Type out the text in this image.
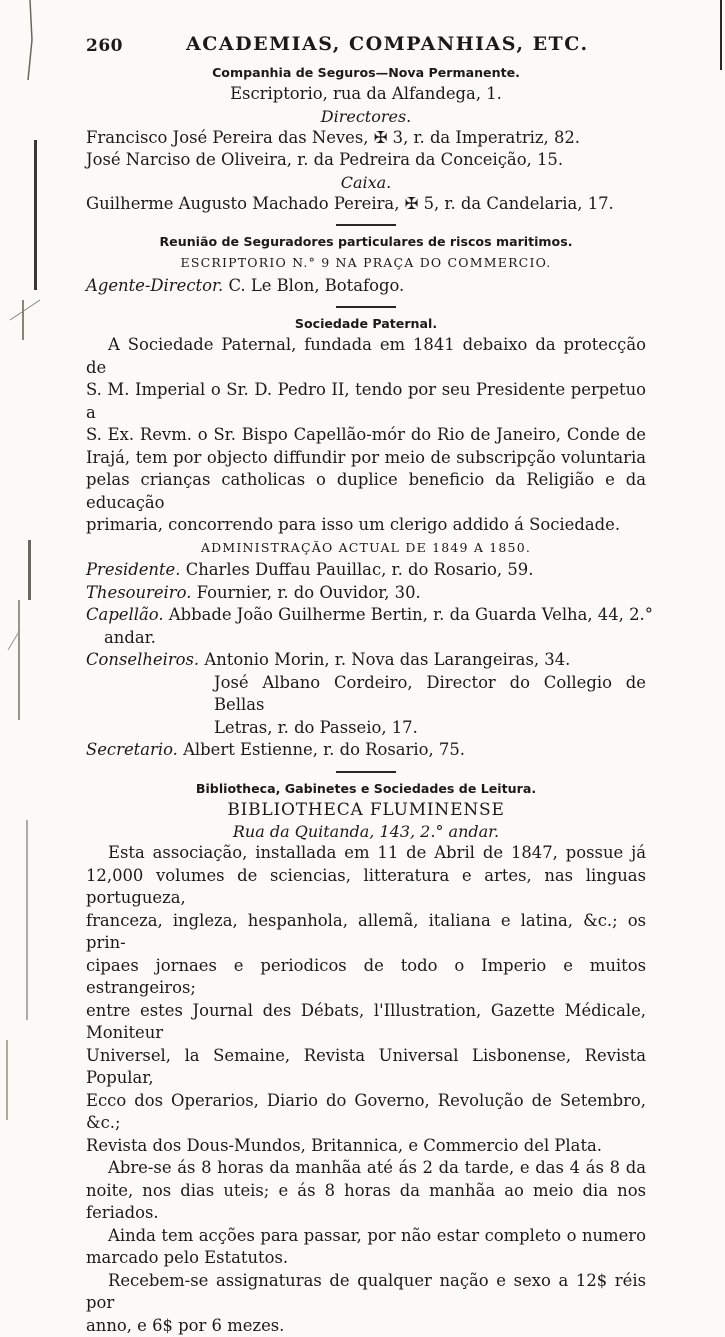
260	ACADEMIAS, COMPANHIAS, ETC.
Companhia de Seguros—Nova Permanente.
Escriptorio, rua da Alfandega, 1.
Directores.
Francisco José Pereira das Neves, ✠ 3, r. da Imperatriz, 82.
José Narciso de Oliveira, r. da Pedreira da Conceição, 15.
Caixa.
Guilherme Augusto Machado Pereira, ✠ 5, r. da Candelaria, 17.
Reunião de Seguradores particulares de riscos maritimos.
ESCRIPTORIO N.° 9 NA PRAÇA DO COMMERCIO.
Agente-Director. C. Le Blon, Botafogo.
Sociedade Paternal.
A Sociedade Paternal, fundada em 1841 debaixo da protecção de
S. M. Imperial o Sr. D. Pedro II, tendo por seu Presidente perpetuo a
S. Ex. Revm. o Sr. Bispo Capellão-mór do Rio de Janeiro, Conde de
Irajá, tem por objecto diffundir por meio de subscripção voluntaria
pelas crianças catholicas o duplice beneficio da Religião e da educação
primaria, concorrendo para isso um clerigo addido á Sociedade.
ADMINISTRAÇÃO ACTUAL DE 1849 A 1850.
Presidente. Charles Duffau Pauillac, r. do Rosario, 59.
Thesoureiro. Fournier, r. do Ouvidor, 30.
Capellão. Abbade João Guilherme Bertin, r. da Guarda Velha, 44, 2.°
andar.
Conselheiros. Antonio Morin, r. Nova das Larangeiras, 34.
José Albano Cordeiro, Director do Collegio de Bellas
Letras, r. do Passeio, 17.
Secretario. Albert Estienne, r. do Rosario, 75.
Bibliotheca, Gabinetes e Sociedades de Leitura.
BIBLIOTHECA FLUMINENSE
Rua da Quitanda, 143, 2.° andar.
Esta associação, installada em 11 de Abril de 1847, possue já
12,000 volumes de sciencias, litteratura e artes, nas linguas portugueza,
franceza, ingleza, hespanhola, allemã, italiana e latina, &c.; os prin-
cipaes jornaes e periodicos de todo o Imperio e muitos estrangeiros;
entre estes Journal des Débats, l'Illustration, Gazette Médicale, Moniteur
Universel, la Semaine, Revista Universal Lisbonense, Revista Popular,
Ecco dos Operarios, Diario do Governo, Revolução de Setembro, &c.;
Revista dos Dous-Mundos, Britannica, e Commercio del Plata.
Abre-se ás 8 horas da manhãa até ás 2 da tarde, e das 4 ás 8 da
noite, nos dias uteis; e ás 8 horas da manhãa ao meio dia nos feriados.
Ainda tem acções para passar, por não estar completo o numero
marcado pelo Estatutos.
Recebem-se assignaturas de qualquer nação e sexo a 12$ réis por
anno, e 6$ por 6 mezes.
